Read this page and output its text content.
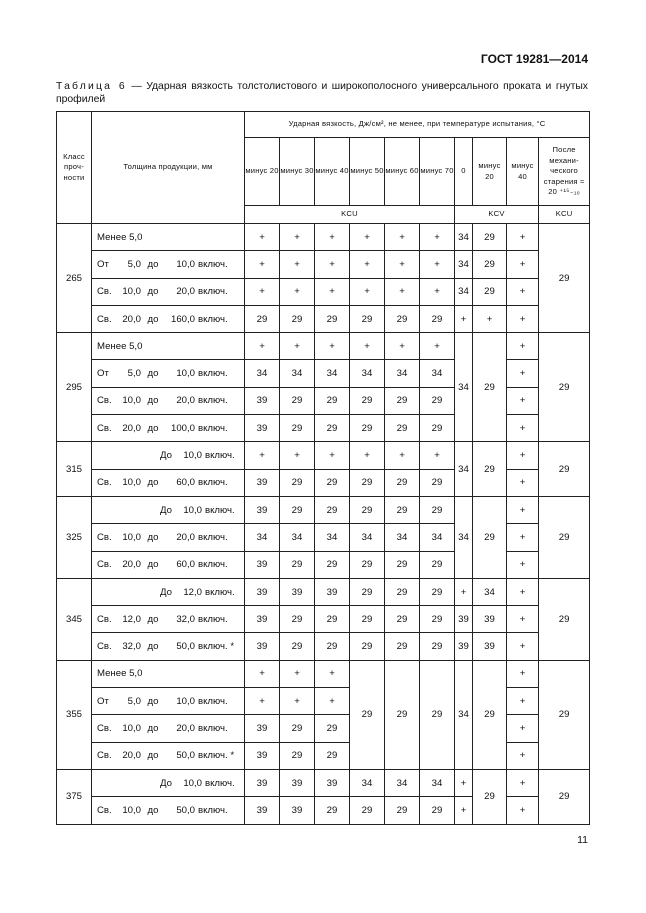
ГОСТ 19281—2014
Таблица 6 — Ударная вязкость толстолистового и широкополосного универсального проката и гнутых профилей
Класс проч-ности	Толщина продукции, мм	Ударная вязкость, Дж/см², не менее, при температуре испытания, °С									
		минус 20	минус 30	минус 40	минус 50	минус 60	минус 70	0	минус 20	минус 40	После механи-ческого старения ≈ 20 ⁺¹⁵₋₁₀
		KCU						KCV			KCU
265	Менее 5,0	+	+	+	+	+	+	34	29	+	29
	От 5,0 до 10,0 включ.	+	+	+	+	+	+	34	29	+	
	Св. 10,0 до 20,0 включ.	+	+	+	+	+	+	34	29	+	
	Св. 20,0 до 160,0 включ.	29	29	29	29	29	29	+	+	+	
295	Менее 5,0	+	+	+	+	+	+	34	29	+	29
	От 5,0 до 10,0 включ.	34	34	34	34	34	34			+	
	Св. 10,0 до 20,0 включ.	39	29	29	29	29	29			+	
	Св. 20,0 до 100,0 включ.	39	29	29	29	29	29			+	
315	До 10,0 включ.	+	+	+	+	+	+	34	29	+	29
	Св. 10,0 до 60,0 включ.	39	29	29	29	29	29			+	
325	До 10,0 включ.	39	29	29	29	29	29	34	29	+	29
	Св. 10,0 до 20,0 включ.	34	34	34	34	34	34			+	
	Св. 20,0 до 60,0 включ.	39	29	29	29	29	29			+	
345	До 12,0 включ.	39	39	39	29	29	29	+	34	+	29
	Св. 12,0 до 32,0 включ.	39	29	29	29	29	29	39	39	+	
	Св. 32,0 до 50,0 включ. *	39	29	29	29	29	29	39	39	+	
355	Менее 5,0	+	+	+	29	29	29	34	29	+	29
	От 5,0 до 10,0 включ.	+	+	+						+	
	Св. 10,0 до 20,0 включ.	39	29	29						+	
	Св. 20,0 до 50,0 включ. *	39	29	29						+	
375	До 10,0 включ.	39	39	39	34	34	34	+	29	+	29
	Св. 10,0 до 50,0 включ.	39	39	29	29	29	29	+		+	
11
